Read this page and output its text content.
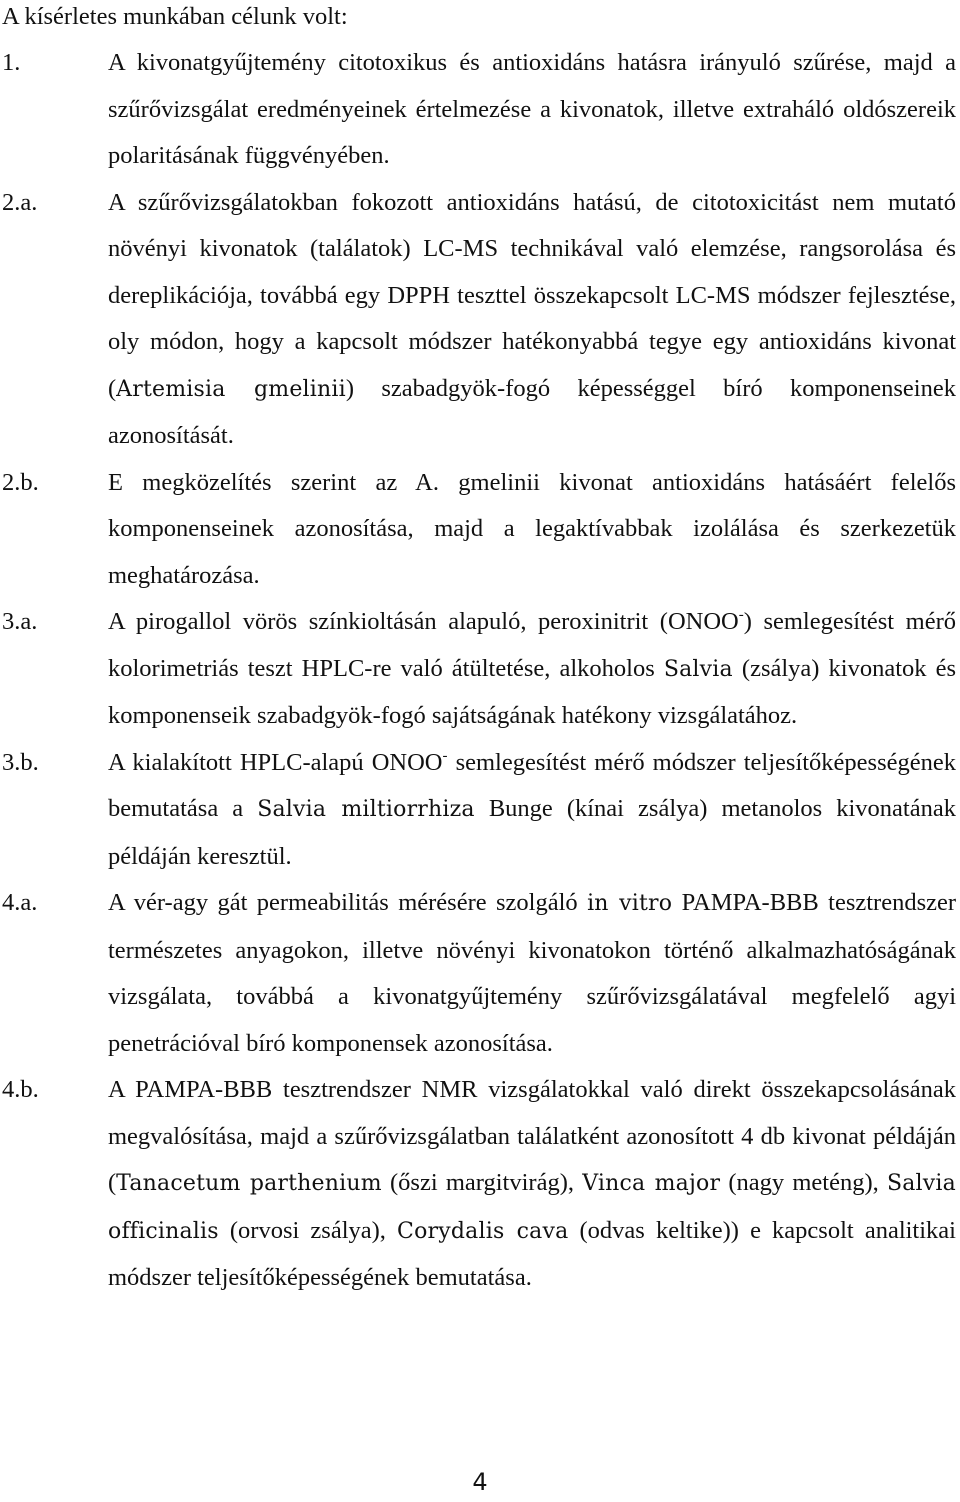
A kísérletes munkában célunk volt:
1.	A kivonatgyűjtemény citotoxikus és antioxidáns hatásra irányuló szűrése, majd a szűrővizsgálat eredményeinek értelmezése a kivonatok, illetve extraháló oldószereik polaritásának függvényében.
2.a.	A szűrővizsgálatokban fokozott antioxidáns hatású, de citotoxicitást nem mutató növényi kivonatok (találatok) LC-MS technikával való elemzése, rangsorolása és dereplikációja, továbbá egy DPPH teszttel összekapcsolt LC-MS módszer fejlesztése, oly módon, hogy a kapcsolt módszer hatékonyabbá tegye egy antioxidáns kivonat (Artemisia gmelinii) szabadgyök-fogó képességgel bíró komponenseinek azonosítását.
2.b.	E megközelítés szerint az A. gmelinii kivonat antioxidáns hatásáért felelős komponenseinek azonosítása, majd a legaktívabbak izolálása és szerkezetük meghatározása.
3.a.	A pirogallol vörös színkioltásán alapuló, peroxinitrit (ONOO-) semlegesítést mérő kolorimetriás teszt HPLC-re való átültetése, alkoholos Salvia (zsálya) kivonatok és komponenseik szabadgyök-fogó sajátságának hatékony vizsgálatához.
3.b.	A kialakított HPLC-alapú ONOO- semlegesítést mérő módszer teljesítőképességének bemutatása a Salvia miltiorrhiza Bunge (kínai zsálya) metanolos kivonatának példáján keresztül.
4.a.	A vér-agy gát permeabilitás mérésére szolgáló in vitro PAMPA-BBB tesztrendszer természetes anyagokon, illetve növényi kivonatokon történő alkalmazhatóságának vizsgálata, továbbá a kivonatgyűjtemény szűrővizsgálatával megfelelő agyi penetrációval bíró komponensek azonosítása.
4.b.	A PAMPA-BBB tesztrendszer NMR vizsgálatokkal való direkt összekapcsolásának megvalósítása, majd a szűrővizsgálatban találatként azonosított 4 db kivonat példáján (Tanacetum parthenium (őszi margitvirág), Vinca major (nagy meténg), Salvia officinalis (orvosi zsálya), Corydalis cava (odvas keltike)) e kapcsolt analitikai módszer teljesítőképességének bemutatása.
4
